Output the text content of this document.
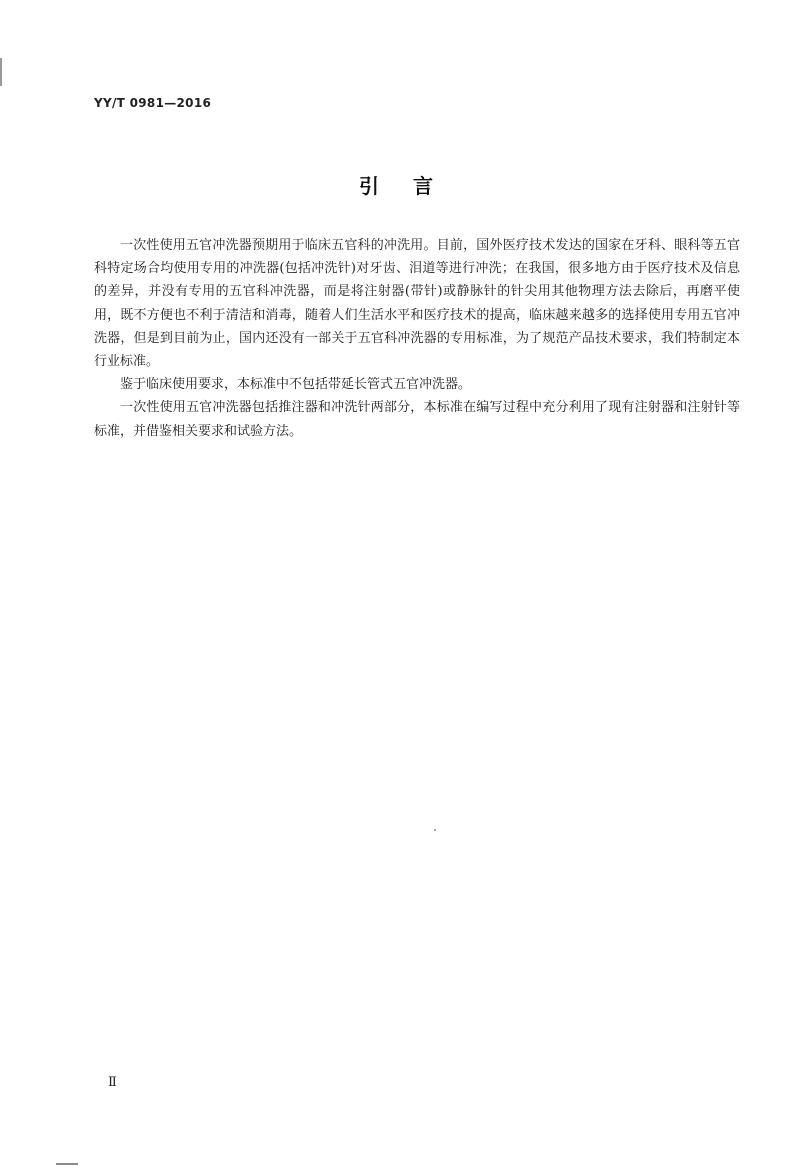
YY/T 0981—2016
引言

一次性使用五官冲洗器预期用于临床五官科的冲洗用。目前，国外医疗技术发达的国家在牙科、眼科等五官科特定场合均使用专用的冲洗器(包括冲洗针)对牙齿、泪道等进行冲洗；在我国，很多地方由于医疗技术及信息的差异，并没有专用的五官科冲洗器，而是将注射器(带针)或静脉针的针尖用其他物理方法去除后，再磨平使用，既不方便也不利于清洁和消毒，随着人们生活水平和医疗技术的提高，临床越来越多的选择使用专用五官冲洗器，但是到目前为止，国内还没有一部关于五官科冲洗器的专用标准，为了规范产品技术要求，我们特制定本行业标准。

鉴于临床使用要求，本标准中不包括带延长管式五官冲洗器。

一次性使用五官冲洗器包括推注器和冲洗针两部分，本标准在编写过程中充分利用了现有注射器和注射针等标准，并借鉴相关要求和试验方法。

Ⅱ
